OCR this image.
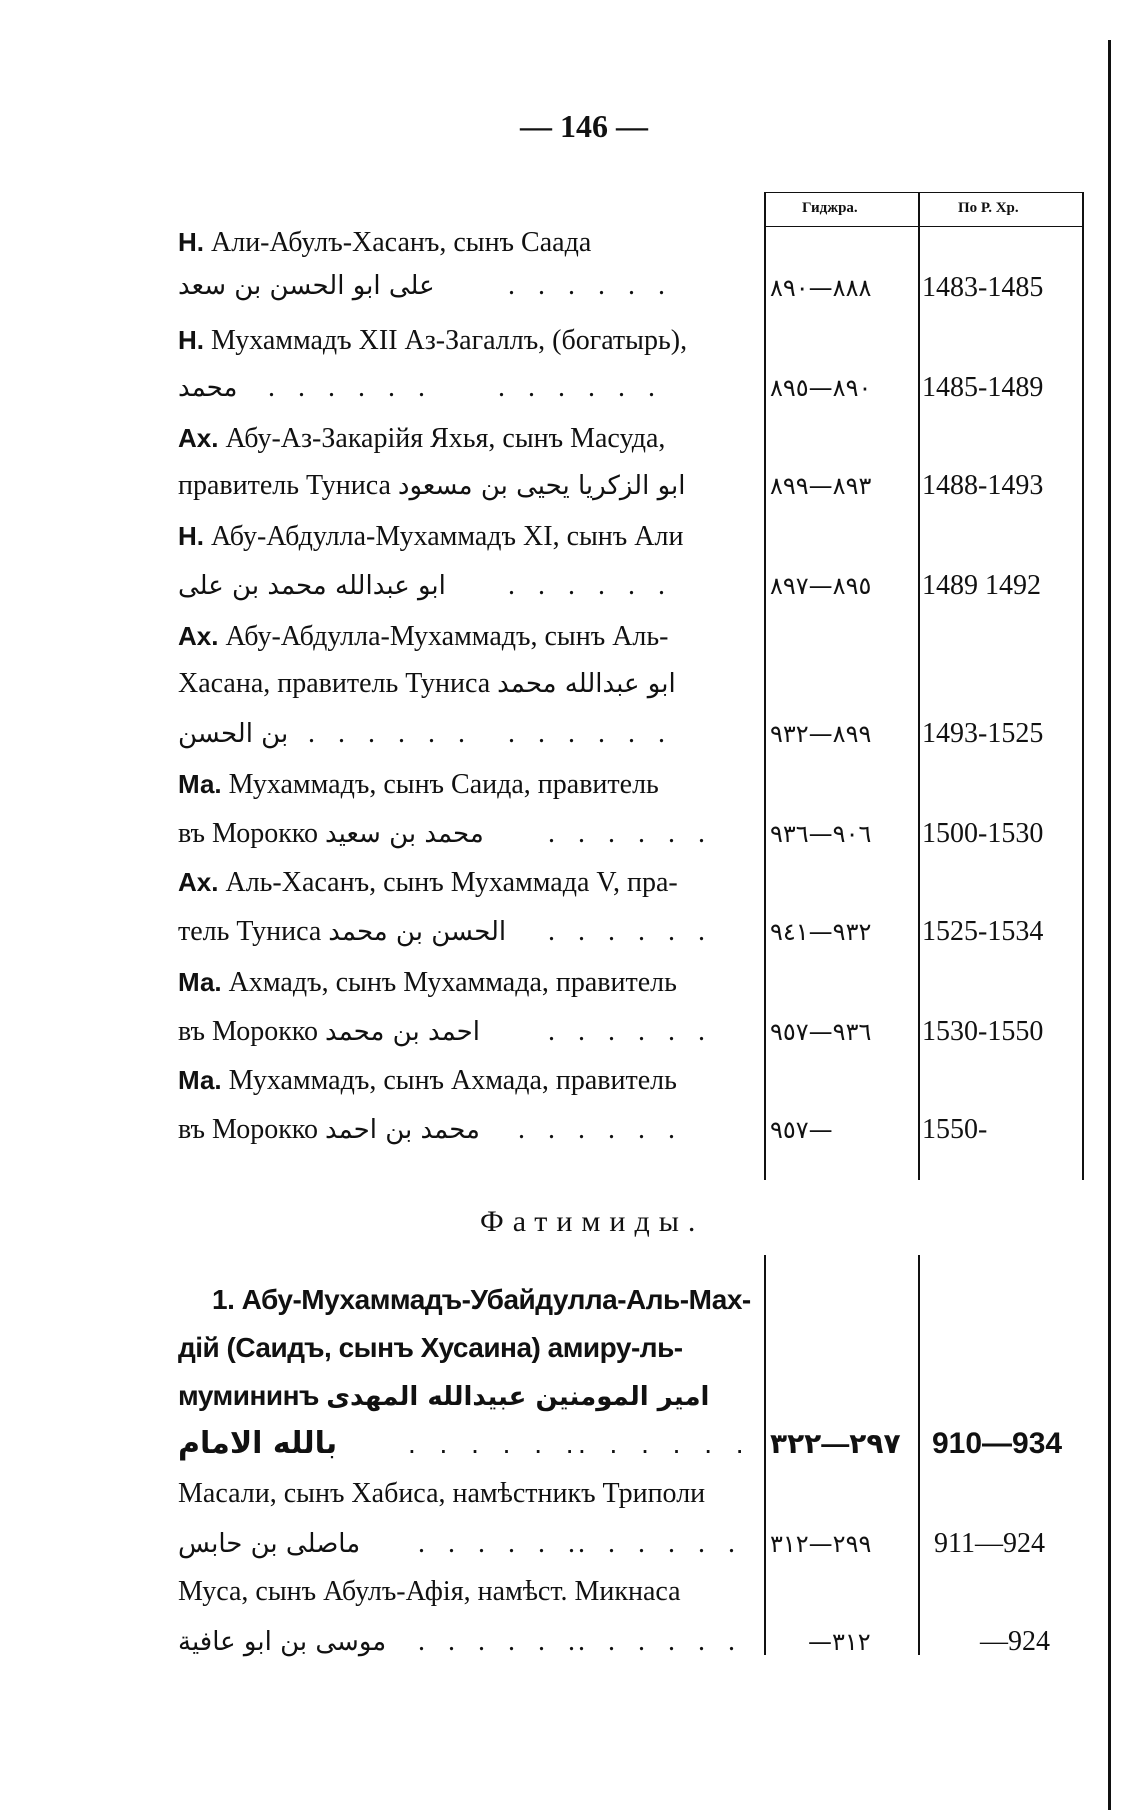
— 146 —
Гиджра.	По Р. Хр.
Н. Али-Абулъ-Хасанъ, сынъ Саада
علی ابو الحسن بن سعد	. . . . . .	٨٨٨—٨٩٠	1483-1485
Н. Мухаммадъ XII Аз-Загаллъ, (богатырь),
محمد . . . . . . . . . . . .	٨٩٠—٨٩٥	1485-1489
Ах. Абу-Аз-Закарійя Яхья, сынъ Масуда,
правитель Туниса ابو الزکریا یحیی بن مسعود	٨٩٣—٨٩٩	1488-1493
Н. Абу-Абдулла-Мухаммадъ XI, сынъ Али
ابو عبدالله محمد بن علی . . . . . .	٨٩٥—٨٩٧	1489 1492
Ах. Абу-Абдулла-Мухаммадъ, сынъ Аль-
Хасана, правитель Туниса ابو عبدالله محمد
بن الحسن . . . . . . . . . . . .	٨٩٩—٩٣٢	1493-1525
Ма. Мухаммадъ, сынъ Саида, правитель
въ Морокко محمد بن سعید . . . . . . ٩٠٦—٩٣٦	1500-1530
Ах. Аль-Хасанъ, сынъ Мухаммада V, пра-
тель Туниса الحسن بن محمد . . . . . . ٩٣٢—٩٤١	1525-1534
Ма. Ахмадъ, сынъ Мухаммада, правитель
въ Морокко احمد بن محمد . . . . . . ٩٣٦—٩٥٧	1530-1550
Ма. Мухаммадъ, сынъ Ахмада, правитель
въ Морокко محمد بن احمد . . . . . .	٩٥٧—	1550-
Фатимиды.
1. Абу-Мухаммадъ-Убайдулла-Аль-Мах-
дій (Саидъ, сынъ Хусаина) амиру-ль-
мумининъ امیر المومنین عبیدالله المهدی
بالله الامام	. . . . . .
. . . . . . ٢٩٧—٣٢٢	910—934
Масали, сынъ Хабиса, намѣстникъ Триполи
ماصلی بن حابس . . . . . .
. . . . . . ٢٩٩—٣١٢	911—924
Муса, сынъ Абулъ-Афія, намѣст. Микнаса
موسی بن ابو عافیة . . . . . .
. . . . . .	—٣١٢	—924
